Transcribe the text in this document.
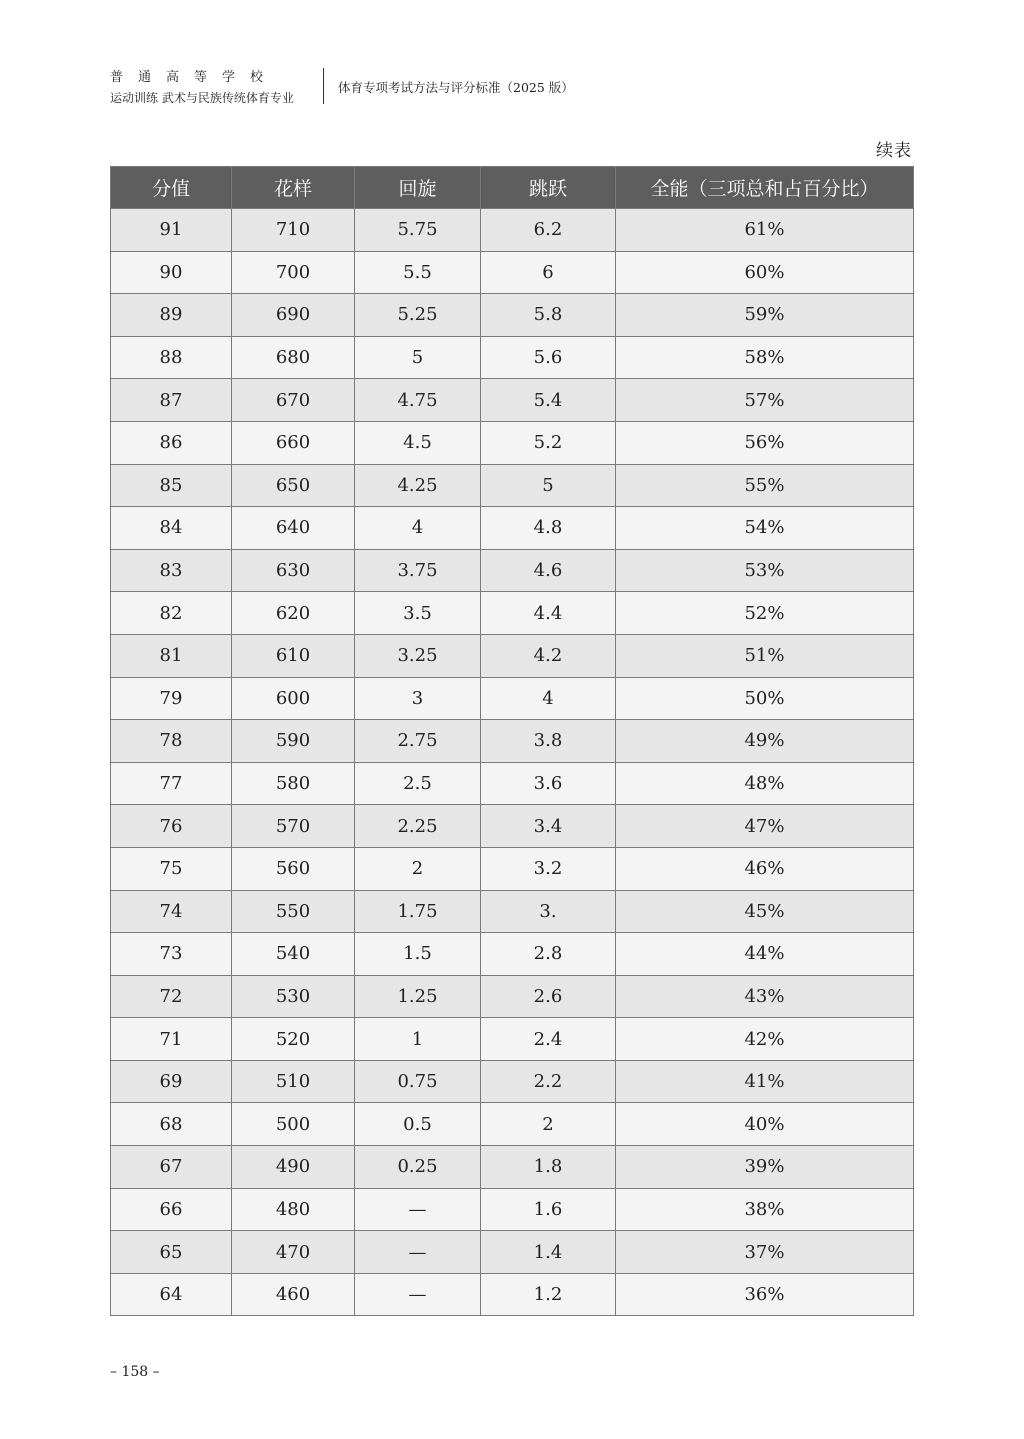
普通高等学校
运动训练 武术与民族传统体育专业
体育专项考试方法与评分标准（2025 版）
续表
分值	花样	回旋	跳跃	全能（三项总和占百分比）
91	710	5.75	6.2	61%
90	700	5.5	6	60%
89	690	5.25	5.8	59%
88	680	5	5.6	58%
87	670	4.75	5.4	57%
86	660	4.5	5.2	56%
85	650	4.25	5	55%
84	640	4	4.8	54%
83	630	3.75	4.6	53%
82	620	3.5	4.4	52%
81	610	3.25	4.2	51%
79	600	3	4	50%
78	590	2.75	3.8	49%
77	580	2.5	3.6	48%
76	570	2.25	3.4	47%
75	560	2	3.2	46%
74	550	1.75	3.	45%
73	540	1.5	2.8	44%
72	530	1.25	2.6	43%
71	520	1	2.4	42%
69	510	0.75	2.2	41%
68	500	0.5	2	40%
67	490	0.25	1.8	39%
66	480	—	1.6	38%
65	470	—	1.4	37%
64	460	—	1.2	36%
– 158 –
